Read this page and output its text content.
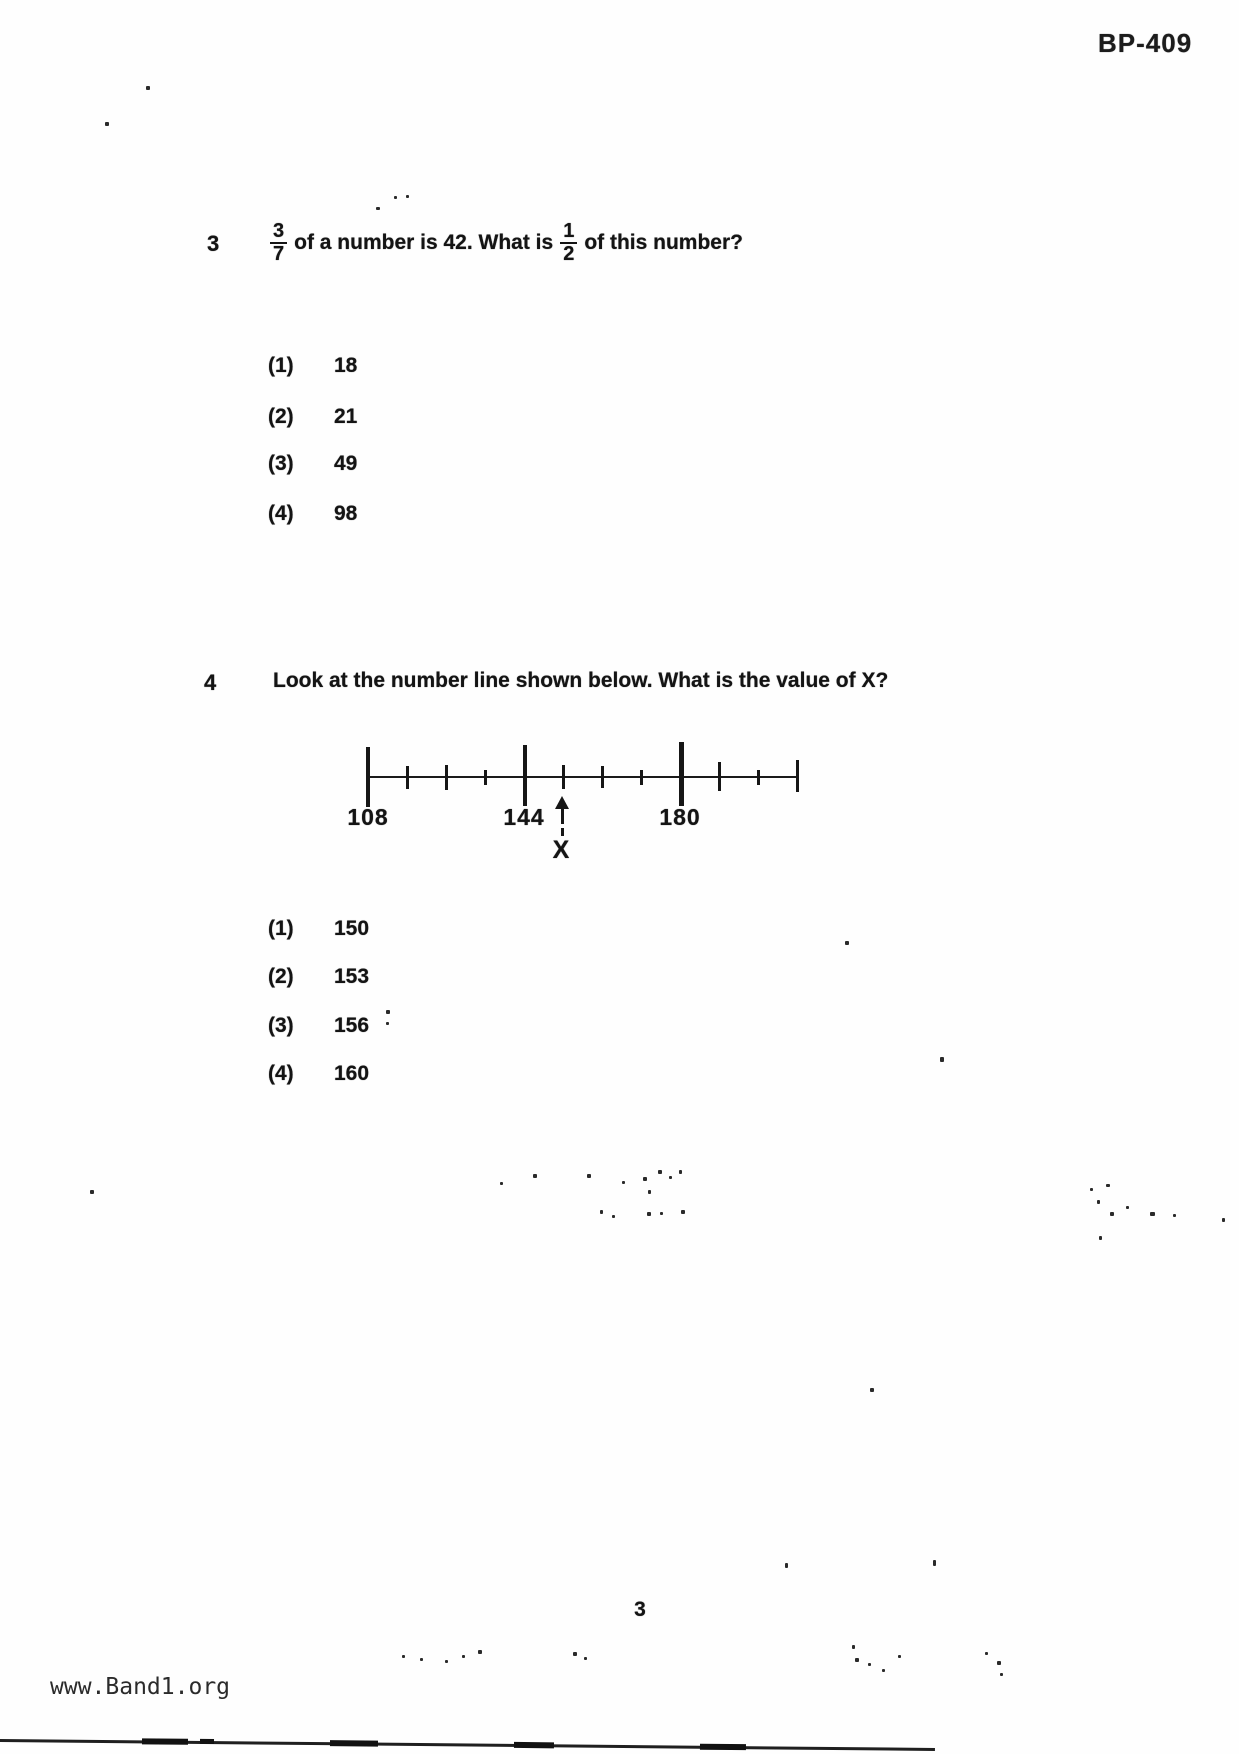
BP-409
3	$\frac{3}{7}$ of a number is 42. What is $\frac{1}{2}$ of this number?
(1)	18
(2)	21
(3)	49
(4)	98
4	Look at the number line shown below. What is the value of X?
108	144	180
X
(1)	150
(2)	153
(3)	156
(4)	160
3
www.Band1.org
